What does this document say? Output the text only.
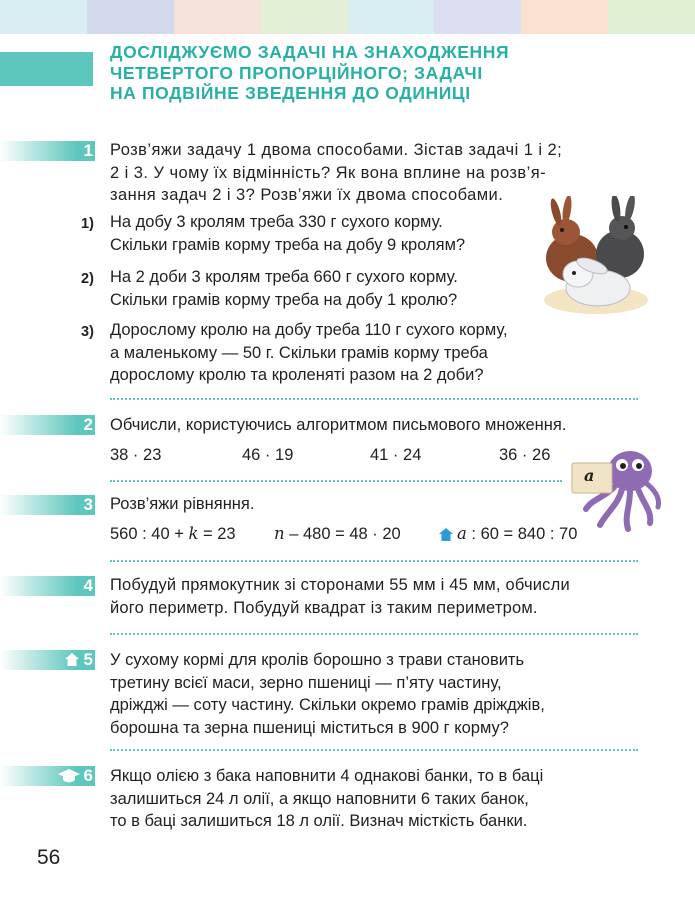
ДОСЛІДЖУЄМО ЗАДАЧІ НА ЗНАХОДЖЕННЯ
ЧЕТВЕРТОГО ПРОПОРЦІЙНОГО; ЗАДАЧІ
НА ПОДВІЙНЕ ЗВЕДЕННЯ ДО ОДИНИЦІ
1 Розв’яжи задачу 1 двома способами. Зістав задачі 1 і 2;
2 і 3. У чому їх відмінність? Як вона вплине на розв’я-
зання задач 2 і 3? Розв’яжи їх двома способами.
1) На добу 3 кролям треба 330 г сухого корму.
Скільки грамів корму треба на добу 9 кролям?
2) На 2 доби 3 кролям треба 660 г сухого корму.
Скільки грамів корму треба на добу 1 кролю?
3) Дорослому кролю на добу треба 110 г сухого корму,
а маленькому — 50 г. Скільки грамів корму треба
дорослому кролю та кроленяті разом на 2 доби?
2 Обчисли, користуючись алгоритмом письмового множення.
38 · 23	46 · 19	41 · 24	36 · 26
a
3 Розв’яжи рівняння.
560 : 40 + k = 23 n – 480 = 48 · 20	a : 60 = 840 : 70
4 Побудуй прямокутник зі сторонами 55 мм і 45 мм, обчисли
його периметр. Побудуй квадрат із таким периметром.
5 У сухому кормі для кролів борошно з трави становить
третину всієї маси, зерно пшениці — п’яту частину,
дріжджі — соту частину. Скільки окремо грамів дріжджів,
борошна та зерна пшениці міститься в 900 г корму?
6 Якщо олією з бака наповнити 4 однакові банки, то в баці
залишиться 24 л олії, а якщо наповнити 6 таких банок,
то в баці залишиться 18 л олії. Визнач місткість банки.
56
